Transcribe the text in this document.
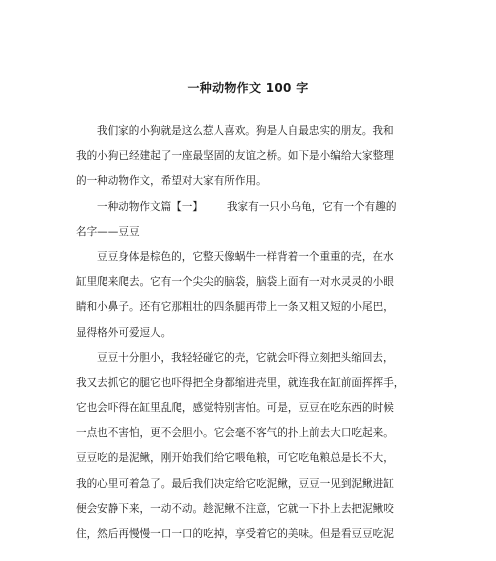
一种动物作文 100 字
我们家的小狗就是这么惹人喜欢。狗是人自最忠实的朋友。我和
我的小狗已经建起了一座最坚固的友谊之桥。如下是小编给大家整理
的一种动物作文，希望对大家有所作用。
一种动物作文篇【一】 我家有一只小乌龟，它有一个有趣的
名字——豆豆
豆豆身体是棕色的，它整天像蜗牛一样背着一个重重的壳，在水
缸里爬来爬去。它有一个尖尖的脑袋，脑袋上面有一对水灵灵的小眼
睛和小鼻子。还有它那粗壮的四条腿再带上一条又粗又短的小尾巴，
显得格外可爱逗人。
豆豆十分胆小，我轻轻碰它的壳，它就会吓得立刻把头缩回去，
我又去抓它的腿它也吓得把全身都缩进壳里，就连我在缸前面挥挥手，
它也会吓得在缸里乱爬，感觉特别害怕。可是，豆豆在吃东西的时候
一点也不害怕，更不会胆小。它会毫不客气的扑上前去大口吃起来。
豆豆吃的是泥鳅，刚开始我们给它喂龟粮，可它吃龟粮总是长不大，
我的心里可着急了。最后我们决定给它吃泥鳅，豆豆一见到泥鳅进缸
便会安静下来，一动不动。趁泥鳅不注意，它就一下扑上去把泥鳅咬
住，然后再慢慢一口一口的吃掉，享受着它的美味。但是看豆豆吃泥
